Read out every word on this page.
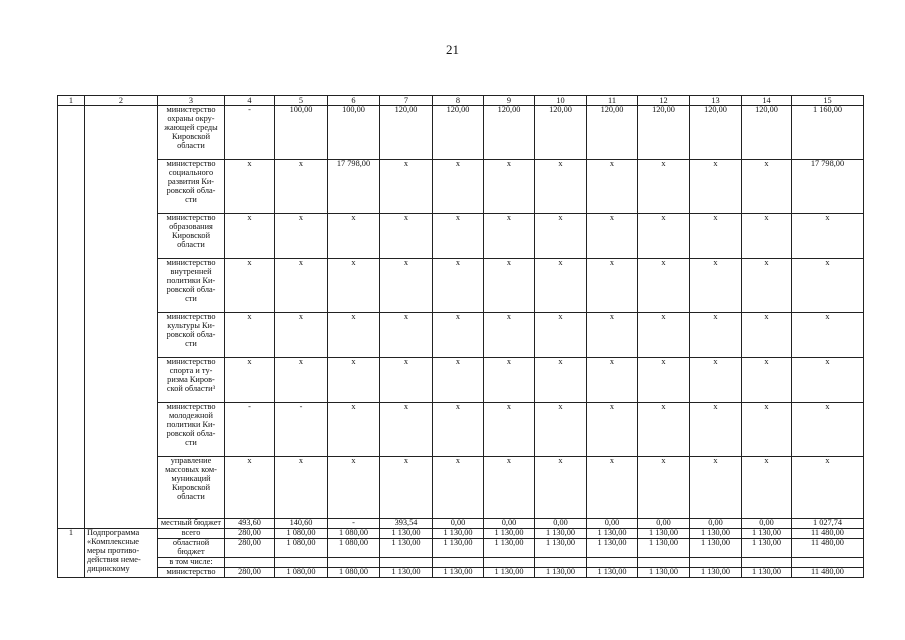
21
1	2	3	4	5	6	7	8	9	10	11	12	13	14	15

		министерство
охраны окру-
жающей среды
Кировской
области	-	100,00	100,00	120,00	120,00	120,00	120,00	120,00	120,00	120,00	120,00	1 160,00

		министерство
социального
развития Ки-
ровской обла-
сти	x	x	17 798,00	x	x	x	x	x	x	x	x	17 798,00

		министерство
образования
Кировской
области	x	x	x	x	x	x	x	x	x	x	x	x

		министерство
внутренней
политики Ки-
ровской обла-
сти	x	x	x	x	x	x	x	x	x	x	x	x

		министерство
культуры Ки-
ровской обла-
сти	x	x	x	x	x	x	x	x	x	x	x	x

		министерство
спорта и ту-
ризма Киров-
ской области³	x	x	x	x	x	x	x	x	x	x	x	x

		министерство
молодежной
политики Ки-
ровской обла-
сти	-	-	x	x	x	x	x	x	x	x	x	x

		управление
массовых ком-
муникаций
Кировской
области	x	x	x	x	x	x	x	x	x	x	x	x

		местный бюджет	493,60	140,60	-	393,54	0,00	0,00	0,00	0,00	0,00	0,00	0,00	1 027,74
1	Подпрограмма
«Комплексные
меры противо-
действия неме-
дицинскому	всего	280,00	1 080,00	1 080,00	1 130,00	1 130,00	1 130,00	1 130,00	1 130,00	1 130,00	1 130,00	1 130,00	11 480,00

		областной
бюджет	280,00	1 080,00	1 080,00	1 130,00	1 130,00	1 130,00	1 130,00	1 130,00	1 130,00	1 130,00	1 130,00	11 480,00

		в том числе:												

		министерство	280,00	1 080,00	1 080,00	1 130,00	1 130,00	1 130,00	1 130,00	1 130,00	1 130,00	1 130,00	1 130,00	11 480,00
